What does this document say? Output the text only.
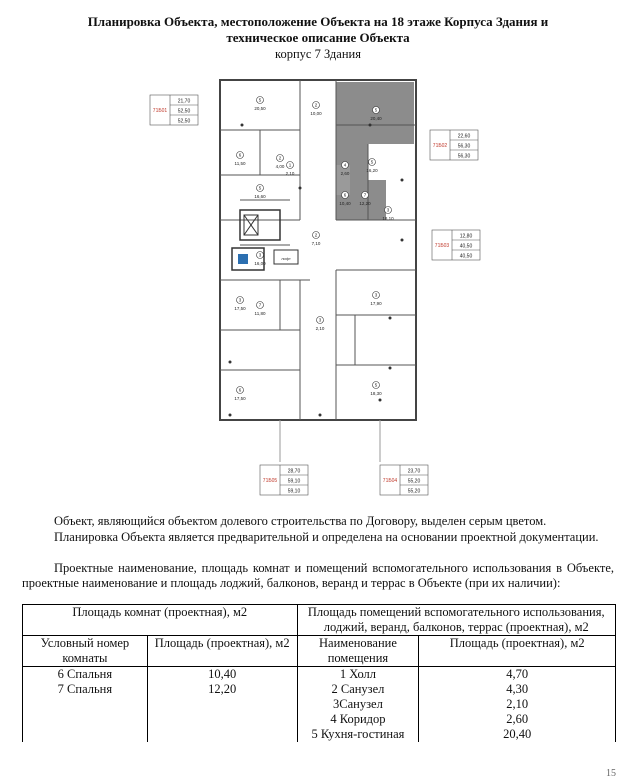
Планировка Объекта, местоположение Объекта на 18 этаже Корпуса Здания и
техническое описание Объекта
корпус 7 Здания
лифт
5
20,50
2
10,00
6
11,50
2
4,00 1
2,10
5
16,60
3
18,10
2
7,10
5
16,20
3
17,50
6
17,50
5
18,30
3
17,90
7
11,80
5
20,40
7
12,20
6
10,40
4
2,60
3
2,10
3
16,00
71Б01
21,70
52,50
52,50
71Б02
22,60
56,30
56,30
71Б03
12,80
40,50
40,50
71Б05
28,70
59,10
59,10
71Б04
23,70
55,20
55,20
Объект, являющийся объектом долевого строительства по Договору, выделен серым цветом.
Планировка Объекта является предварительной и определена на основании проектной документации.
Проектные наименование, площадь комнат и помещений вспомогательного использования в Объекте, проектные наименование и площадь лоджий, балконов, веранд и террас в Объекте (при их наличии):
Площадь комнат (проектная), м2		Площадь помещений вспомогательного использования, лоджий, веранд, балконов, террас (проектная), м2	
Условный номер комнаты	Площадь (проектная), м2	Наименование помещения	Площадь (проектная), м2
6 Спальня	10,40	1 Холл	4,70
7 Спальня	12,20	2 Санузел	4,30
		3Санузел	2,10
		4 Коридор	2,60
		5 Кухня-гостиная	20,40
15
